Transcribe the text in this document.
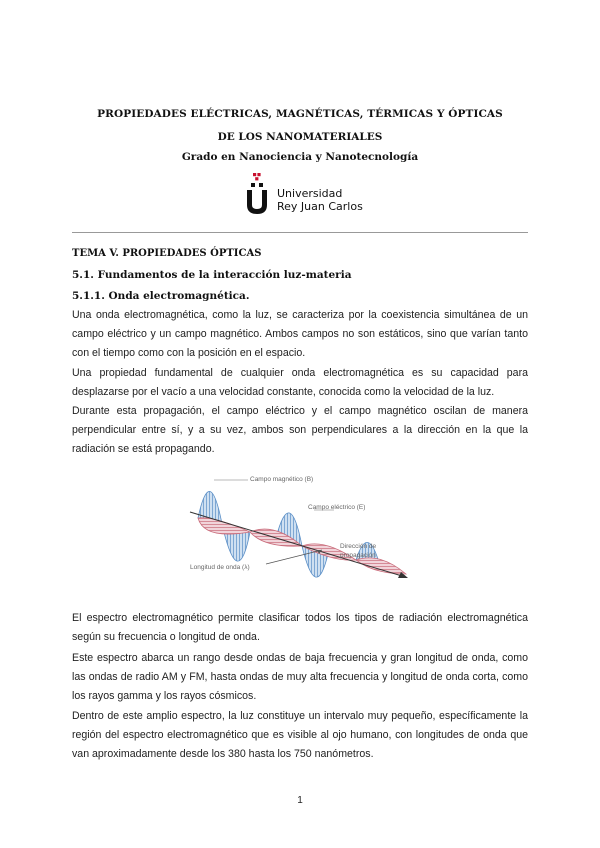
PROPIEDADES ELÉCTRICAS, MAGNÉTICAS, TÉRMICAS Y ÓPTICAS
DE LOS NANOMATERIALES
Grado en Nanociencia y Nanotecnología
Universidad
Rey Juan Carlos
TEMA V. PROPIEDADES ÓPTICAS
5.1. Fundamentos de la interacción luz-materia
5.1.1. Onda electromagnética.
Una onda electromagnética, como la luz, se caracteriza por la coexistencia simultánea de un campo eléctrico y un campo magnético. Ambos campos no son estáticos, sino que varían tanto con el tiempo como con la posición en el espacio.
Una propiedad fundamental de cualquier onda electromagnética es su capacidad para desplazarse por el vacío a una velocidad constante, conocida como la velocidad de la luz.
Durante esta propagación, el campo eléctrico y el campo magnético oscilan de manera perpendicular entre sí, y a su vez, ambos son perpendiculares a la dirección en la que la radiación se está propagando.
Campo magnético (B)
Campo eléctrico (E)
Dirección de
propagación
Longitud de onda (λ)
El espectro electromagnético permite clasificar todos los tipos de radiación electromagnética según su frecuencia o longitud de onda.
Este espectro abarca un rango desde ondas de baja frecuencia y gran longitud de onda, como las ondas de radio AM y FM, hasta ondas de muy alta frecuencia y longitud de onda corta, como los rayos gamma y los rayos cósmicos.
Dentro de este amplio espectro, la luz constituye un intervalo muy pequeño, específicamente la región del espectro electromagnético que es visible al ojo humano, con longitudes de onda que van aproximadamente desde los 380 hasta los 750 nanómetros.
1
